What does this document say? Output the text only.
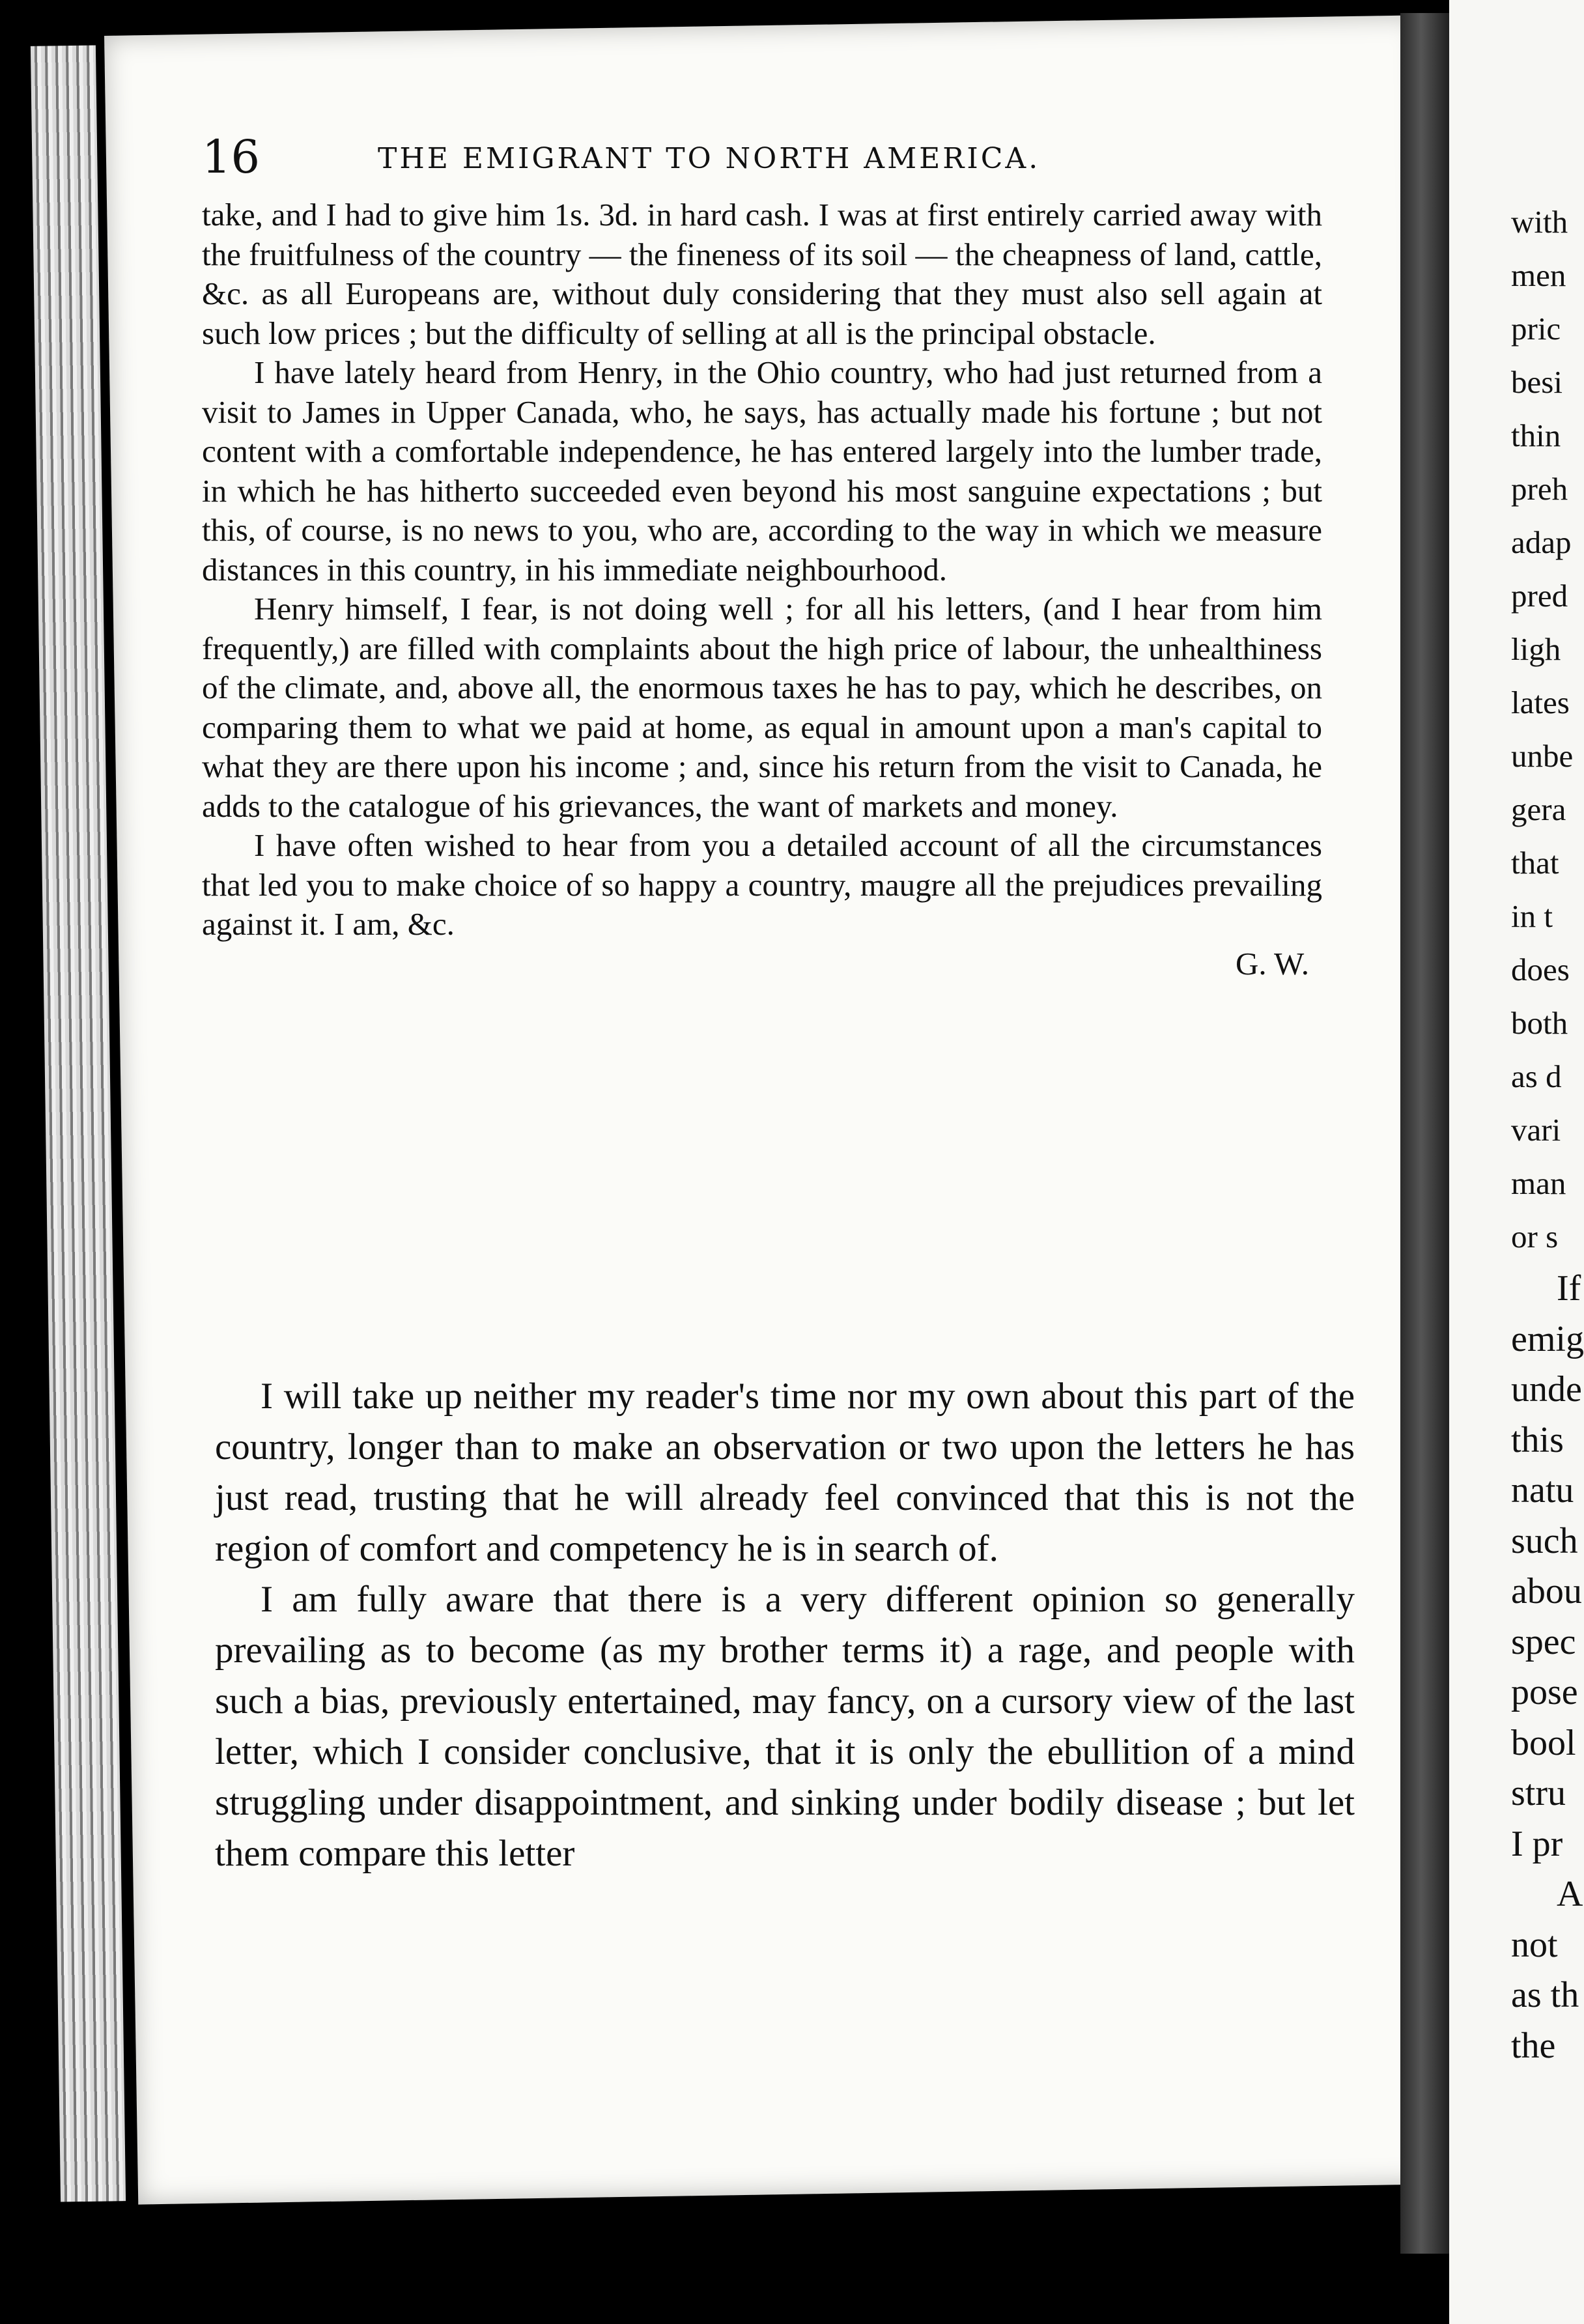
16	THE EMIGRANT TO NORTH AMERICA.

take, and I had to give him 1s. 3d. in hard cash. I was at first entirely carried away with the fruitfulness of the country — the fineness of its soil — the cheapness of land, cattle, &c. as all Europeans are, without duly considering that they must also sell again at such low prices ; but the difficulty of selling at all is the principal obstacle.

I have lately heard from Henry, in the Ohio country, who had just returned from a visit to James in Upper Canada, who, he says, has actually made his fortune ; but not content with a comfortable independence, he has entered largely into the lumber trade, in which he has hitherto succeeded even beyond his most sanguine expectations ; but this, of course, is no news to you, who are, according to the way in which we measure distances in this country, in his immediate neighbourhood.

Henry himself, I fear, is not doing well ; for all his letters, (and I hear from him frequently,) are filled with complaints about the high price of labour, the unhealthiness of the climate, and, above all, the enormous taxes he has to pay, which he describes, on comparing them to what we paid at home, as equal in amount upon a man's capital to what they are there upon his income ; and, since his return from the visit to Canada, he adds to the catalogue of his grievances, the want of markets and money.

I have often wished to hear from you a detailed account of all the circumstances that led you to make choice of so happy a country, maugre all the prejudices prevailing against it. I am, &c.

G. W.

I will take up neither my reader's time nor my own about this part of the country, longer than to make an observation or two upon the letters he has just read, trusting that he will already feel convinced that this is not the region of comfort and competency he is in search of.

I am fully aware that there is a very different opinion so generally prevailing as to become (as my brother terms it) a rage, and people with such a bias, previously entertained, may fancy, on a cursory view of the last letter, which I consider conclusive, that it is only the ebullition of a mind struggling under disappointment, and sinking under bodily disease ; but let them compare this letter

with
men
pric
besi
thin
preh
adap
pred
ligh
lates
unbe
gera
that
in t
does
both
as d
vari
man
or s
If
emig
unde
this
natu
such
abou
spec
pose
bool
stru
I pr
A
not
as th
the
